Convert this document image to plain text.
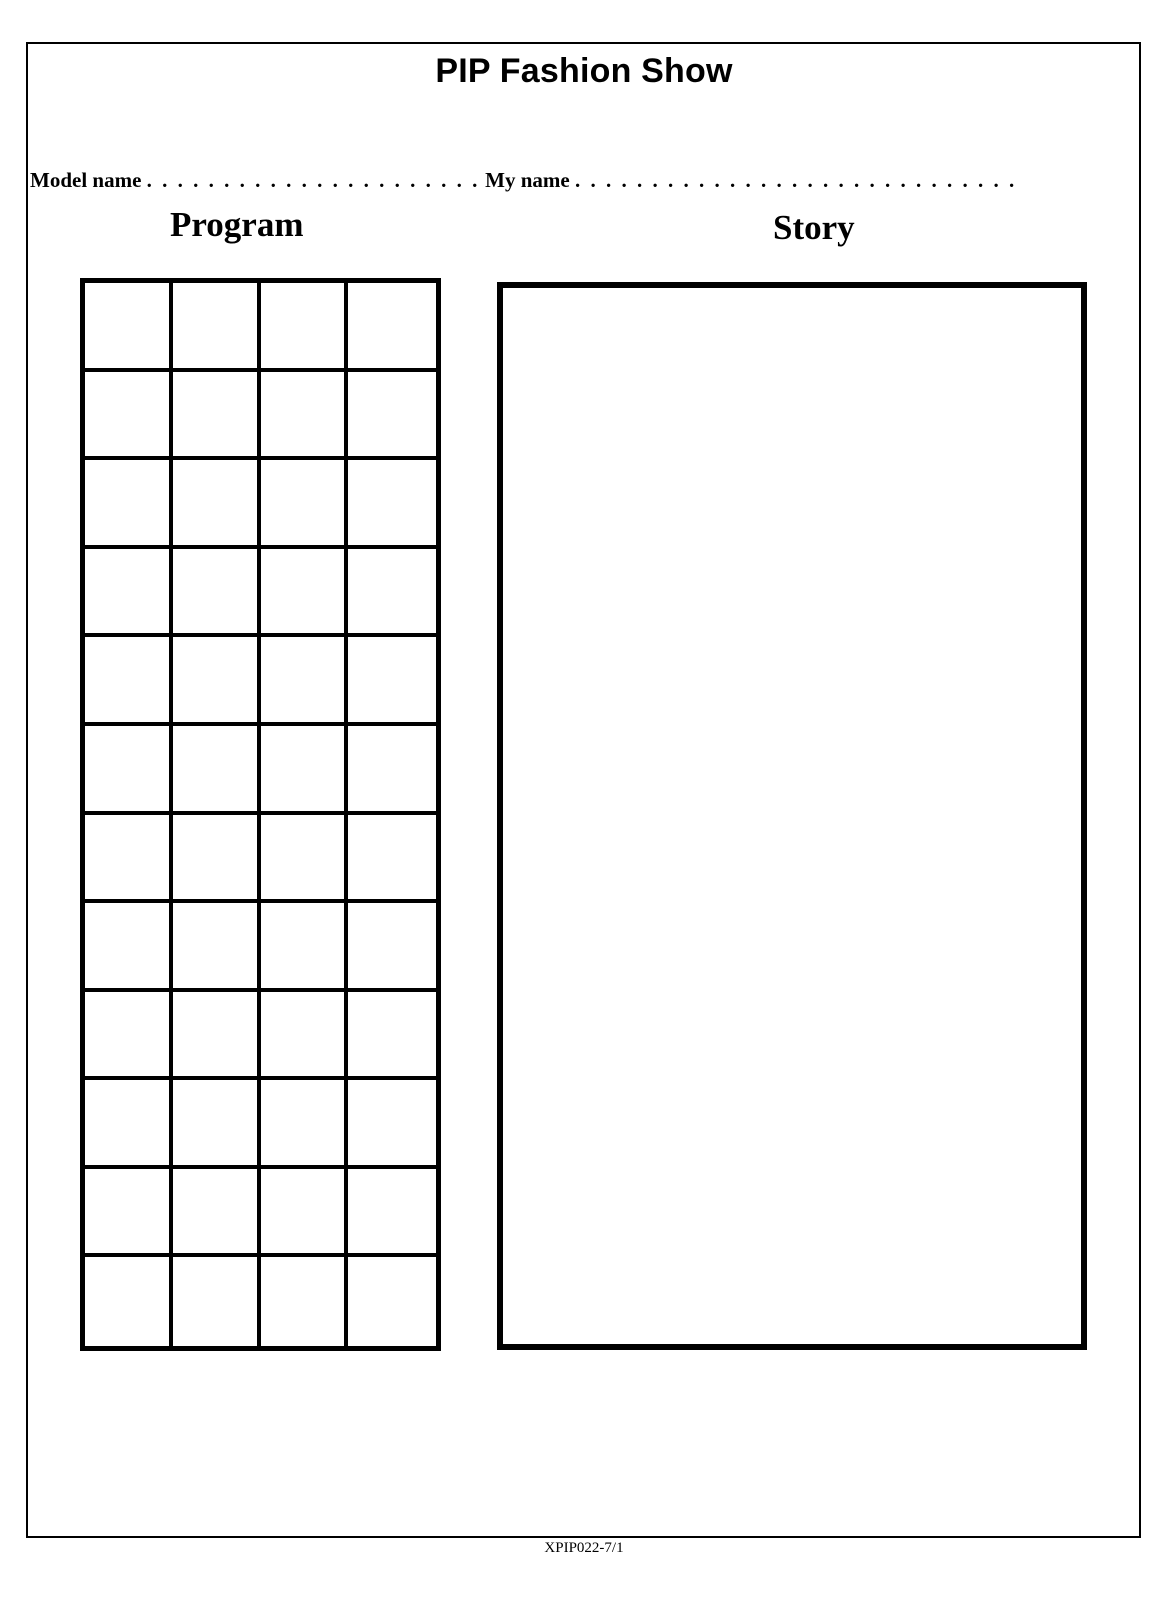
PIP Fashion Show
Model name . . . . . . . . . . . . . . . . . . . . . . My name . . . . . . . . . . . . . . . . . . . . . . . . . . . . .
Program	Story
XPIP022-7/1
